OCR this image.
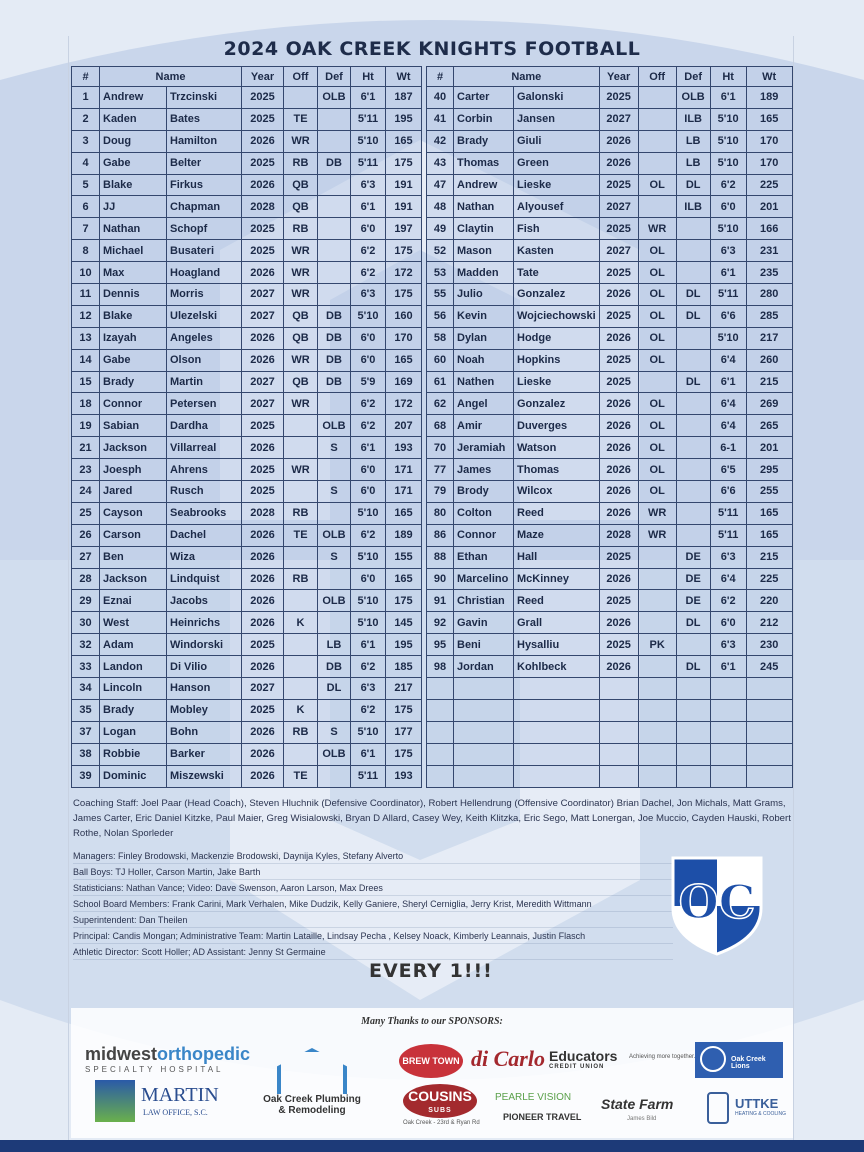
2024 OAK CREEK KNIGHTS FOOTBALL
#	Name		Year	Off	Def	Ht	Wt
1	Andrew	Trzcinski	2025		OLB	6'1	187
2	Kaden	Bates	2025	TE		5'11	195
3	Doug	Hamilton	2026	WR		5'10	165
4	Gabe	Belter	2025	RB	DB	5'11	175
5	Blake	Firkus	2026	QB		6'3	191
6	JJ	Chapman	2028	QB		6'1	191
7	Nathan	Schopf	2025	RB		6'0	197
8	Michael	Busateri	2025	WR		6'2	175
10	Max	Hoagland	2026	WR		6'2	172
11	Dennis	Morris	2027	WR		6'3	175
12	Blake	Ulezelski	2027	QB	DB	5'10	160
13	Izayah	Angeles	2026	QB	DB	6'0	170
14	Gabe	Olson	2026	WR	DB	6'0	165
15	Brady	Martin	2027	QB	DB	5'9	169
18	Connor	Petersen	2027	WR		6'2	172
19	Sabian	Dardha	2025		OLB	6'2	207
21	Jackson	Villarreal	2026		S	6'1	193
23	Joesph	Ahrens	2025	WR		6'0	171
24	Jared	Rusch	2025		S	6'0	171
25	Cayson	Seabrooks	2028	RB		5'10	165
26	Carson	Dachel	2026	TE	OLB	6'2	189
27	Ben	Wiza	2026		S	5'10	155
28	Jackson	Lindquist	2026	RB		6'0	165
29	Eznai	Jacobs	2026		OLB	5'10	175
30	West	Heinrichs	2026	K		5'10	145
32	Adam	Windorski	2025		LB	6'1	195
33	Landon	Di Vilio	2026		DB	6'2	185
34	Lincoln	Hanson	2027		DL	6'3	217
35	Brady	Mobley	2025	K		6'2	175
37	Logan	Bohn	2026	RB	S	5'10	177
38	Robbie	Barker	2026		OLB	6'1	175
39	Dominic	Miszewski	2026	TE		5'11	193
#	Name		Year	Off	Def	Ht	Wt
40	Carter	Galonski	2025		OLB	6'1	189
41	Corbin	Jansen	2027		ILB	5'10	165
42	Brady	Giuli	2026		LB	5'10	170
43	Thomas	Green	2026		LB	5'10	170
47	Andrew	Lieske	2025	OL	DL	6'2	225
48	Nathan	Alyousef	2027		ILB	6'0	201
49	Claytin	Fish	2025	WR		5'10	166
52	Mason	Kasten	2027	OL		6'3	231
53	Madden	Tate	2025	OL		6'1	235
55	Julio	Gonzalez	2026	OL	DL	5'11	280
56	Kevin	Wojciechowski	2025	OL	DL	6'6	285
58	Dylan	Hodge	2026	OL		5'10	217
60	Noah	Hopkins	2025	OL		6'4	260
61	Nathen	Lieske	2025		DL	6'1	215
62	Angel	Gonzalez	2026	OL		6'4	269
68	Amir	Duverges	2026	OL		6'4	265
70	Jeramiah	Watson	2026	OL		6-1	201
77	James	Thomas	2026	OL		6'5	295
79	Brody	Wilcox	2026	OL		6'6	255
80	Colton	Reed	2026	WR		5'11	165
86	Connor	Maze	2028	WR		5'11	165
88	Ethan	Hall	2025		DE	6'3	215
90	Marcelino	McKinney	2026		DE	6'4	225
91	Christian	Reed	2025		DE	6'2	220
92	Gavin	Grall	2026		DL	6'0	212
95	Beni	Hysalliu	2025	PK		6'3	230
98	Jordan	Kohlbeck	2026		DL	6'1	245

Coaching Staff: Joel Paar (Head Coach), Steven Hluchnik (Defensive Coordinator), Robert Hellendrung (Offensive Coordinator) Brian Dachel, Jon Michals, Matt Grams, James Carter, Eric Daniel Kitzke, Paul Maier, Greg Wisialowski, Bryan D Allard, Casey Wey, Keith Klitzka, Eric Sego, Matt Lonergan, Joe Muccio, Cayden Hauski, Robert Rothe, Nolan Sporleder
Managers: Finley Brodowski, Mackenzie Brodowski, Daynija Kyles, Stefany Alverto
Ball Boys: TJ Holler, Carson Martin, Jake Barth
Statisticians: Nathan Vance; Video: Dave Swenson, Aaron Larson, Max Drees
School Board Members: Frank Carini, Mark Verhalen, Mike Dudzik, Kelly Ganiere, Sheryl Cerniglia, Jerry Krist, Meredith Wittmann
Superintendent: Dan Theilen
Principal: Candis Mongan; Administrative Team: Martin Lataille, Lindsay Pecha , Kelsey Noack, Kimberly Leannais, Justin Flasch
Athletic Director: Scott Holler; AD Assistant: Jenny St Germaine
OC
EVERY 1!!!
Many Thanks to our SPONSORS:
midwestorthopedic
SPECIALTY HOSPITAL
MARTIN
LAW OFFICE, S.C.
Oak Creek Plumbing
& Remodeling
BREW TOWN di Carlo Educators
CREDIT UNION
Achieving more together.	Oak Creek Lions
COUSINS
SUBS
Oak Creek - 23rd & Ryan Rd
PEARLE VISION
PIONEER TRAVEL
State Farm
James Bild
UTTKE
HEATING & COOLING
